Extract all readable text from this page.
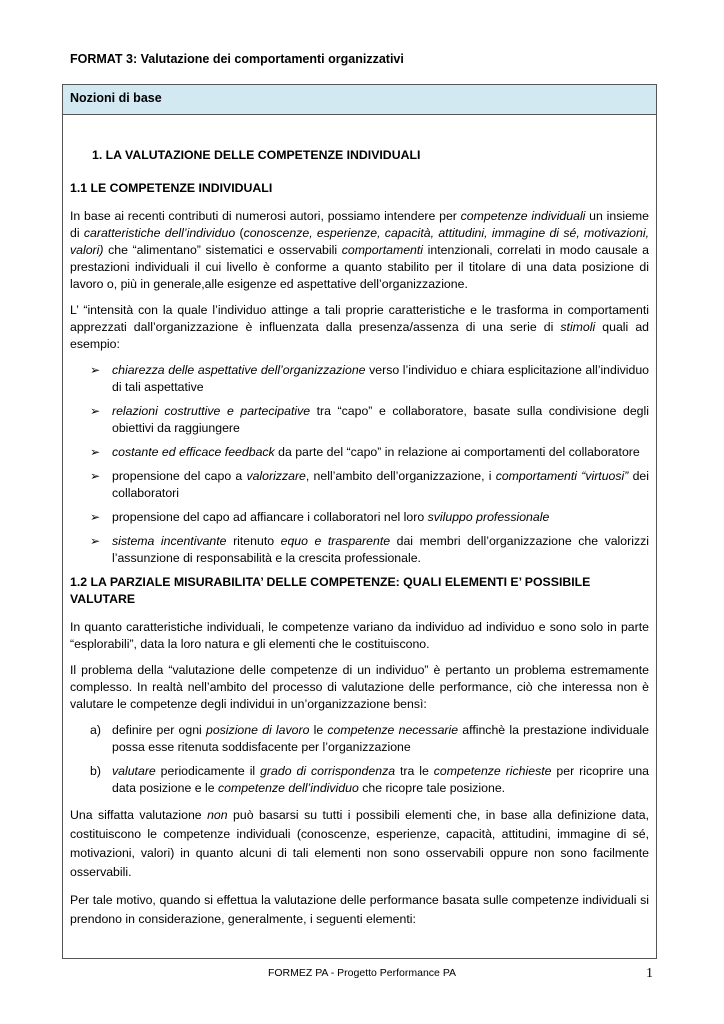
FORMAT 3: Valutazione dei comportamenti organizzativi
Nozioni di base
1. LA VALUTAZIONE DELLE COMPETENZE INDIVIDUALI
1.1 LE COMPETENZE INDIVIDUALI

In base ai recenti contributi di numerosi autori, possiamo intendere per competenze individuali un insieme di caratteristiche dell’individuo (conoscenze, esperienze, capacità, attitudini, immagine di sé, motivazioni, valori) che “alimentano” sistematici e osservabili comportamenti intenzionali, correlati in modo causale a prestazioni individuali il cui livello è conforme a quanto stabilito per il titolare di una data posizione di lavoro o, più in generale,alle esigenze ed aspettative dell’organizzazione.

L’ “intensità con la quale l’individuo attinge a tali proprie caratteristiche e le trasforma in comportamenti apprezzati dall’organizzazione è influenzata dalla presenza/assenza di una serie di stimoli quali ad esempio:

➢ chiarezza delle aspettative dell’organizzazione verso l’individuo e chiara esplicitazione all’individuo di tali aspettative
➢ relazioni costruttive e partecipative tra “capo” e collaboratore, basate sulla condivisione degli obiettivi da raggiungere
➢ costante ed efficace feedback da parte del “capo” in relazione ai comportamenti del collaboratore
➢ propensione del capo a valorizzare, nell’ambito dell’organizzazione, i comportamenti “virtuosi” dei collaboratori
➢ propensione del capo ad affiancare i collaboratori nel loro sviluppo professionale
➢ sistema incentivante ritenuto equo e trasparente dai membri dell’organizzazione che valorizzi l’assunzione di responsabilità e la crescita professionale.
1.2 LA PARZIALE MISURABILITA’ DELLE COMPETENZE: QUALI ELEMENTI E’ POSSIBILE VALUTARE

In quanto caratteristiche individuali, le competenze variano da individuo ad individuo e sono solo in parte “esplorabili”, data la loro natura e gli elementi che le costituiscono.

Il problema della “valutazione delle competenze di un individuo” è pertanto un problema estremamente complesso. In realtà nell’ambito del processo di valutazione delle performance, ciò che interessa non è valutare le competenze degli individui in un’organizzazione bensì:

a) definire per ogni posizione di lavoro le competenze necessarie affinchè la prestazione individuale possa esse ritenuta soddisfacente per l’organizzazione
b) valutare periodicamente il grado di corrispondenza tra le competenze richieste per ricoprire una data posizione e le competenze dell’individuo che ricopre tale posizione.

Una siffatta valutazione non può basarsi su tutti i possibili elementi che, in base alla definizione data, costituiscono le competenze individuali (conoscenze, esperienze, capacità, attitudini, immagine di sé, motivazioni, valori) in quanto alcuni di tali elementi non sono osservabili oppure non sono facilmente osservabili.

Per tale motivo, quando si effettua la valutazione delle performance basata sulle competenze individuali si prendono in considerazione, generalmente, i seguenti elementi:

FORMEZ PA - Progetto Performance PA	1
